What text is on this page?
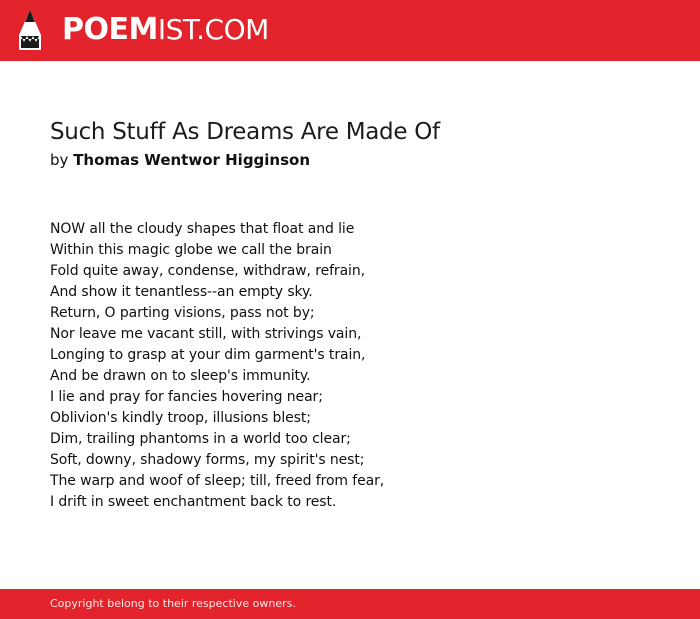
POEMIST.COM
Such Stuff As Dreams Are Made Of
by Thomas Wentwor Higginson
NOW all the cloudy shapes that float and lie
Within this magic globe we call the brain
Fold quite away, condense, withdraw, refrain,
And show it tenantless--an empty sky.
Return, O parting visions, pass not by;
Nor leave me vacant still, with strivings vain,
Longing to grasp at your dim garment's train,
And be drawn on to sleep's immunity.
I lie and pray for fancies hovering near;
Oblivion's kindly troop, illusions blest;
Dim, trailing phantoms in a world too clear;
Soft, downy, shadowy forms, my spirit's nest;
The warp and woof of sleep; till, freed from fear,
I drift in sweet enchantment back to rest.
Copyright belong to their respective owners.
